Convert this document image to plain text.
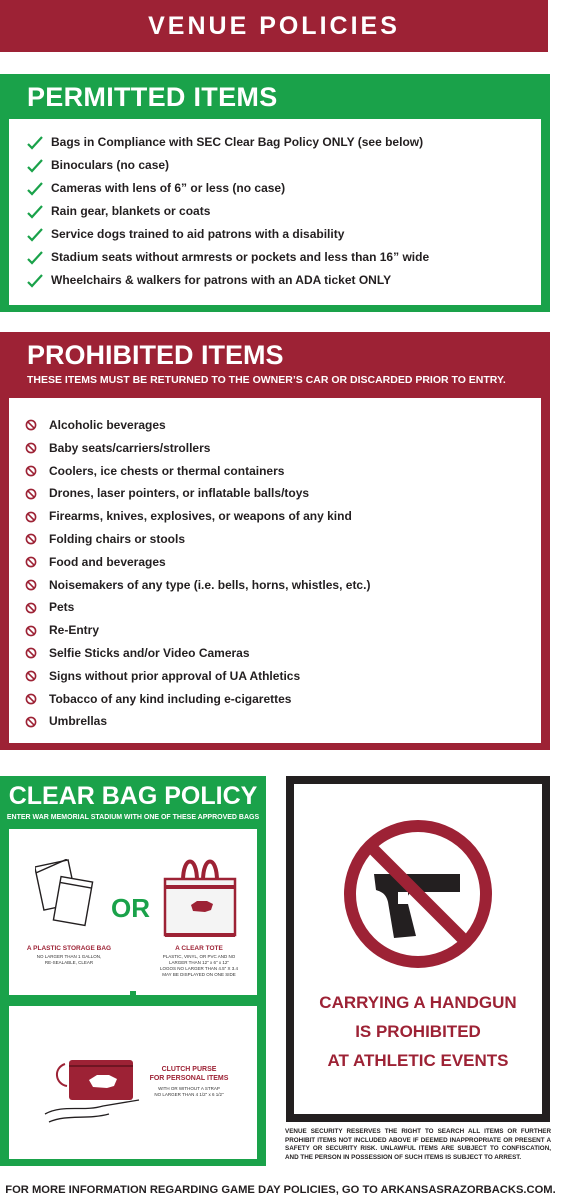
VENUE POLICIES
PERMITTED ITEMS
Bags in Compliance with SEC Clear Bag Policy ONLY (see below)
Binoculars (no case)
Cameras with lens of 6” or less (no case)
Rain gear, blankets or coats
Service dogs trained to aid patrons with a disability
Stadium seats without armrests or pockets and less than 16” wide
Wheelchairs & walkers for patrons with an ADA ticket ONLY
PROHIBITED ITEMS
THESE ITEMS MUST BE RETURNED TO THE OWNER’S CAR OR DISCARDED PRIOR TO ENTRY.
Alcoholic beverages
Baby seats/carriers/strollers
Coolers, ice chests or thermal containers
Drones, laser pointers, or inflatable balls/toys
Firearms, knives, explosives, or weapons of any kind
Folding chairs or stools
Food and beverages
Noisemakers of any type (i.e. bells, horns, whistles, etc.)
Pets
Re-Entry
Selfie Sticks and/or Video Cameras
Signs without prior approval of UA Athletics
Tobacco of any kind including e-cigarettes
Umbrellas
CLEAR BAG POLICY
ENTER WAR MEMORIAL STADIUM WITH ONE OF THESE APPROVED BAGS
A PLASTIC STORAGE BAG
NO LARGER THAN 1 GALLON,
RE-SEALABLE, CLEAR
A CLEAR TOTE
PLASTIC, VINYL, OR PVC AND NO
LARGER THAN 12" x 6" x 12"
LOGOS NO LARGER THAN 4.5" X 3.4
MAY BE DISPLAYED ON ONE SIDE
OR
CLUTCH PURSE
FOR PERSONAL ITEMS
WITH OR WITHOUT A STRAP
NO LARGER THAN 4 1/2" x 6 1/2"
CARRYING A HANDGUN
IS PROHIBITED
AT ATHLETIC EVENTS
VENUE SECURITY RESERVES THE RIGHT TO SEARCH ALL ITEMS OR FURTHER PROHIBIT ITEMS NOT INCLUDED ABOVE IF DEEMED INAPPROPRIATE OR PRESENT A SAFETY OR SECURITY RISK. UNLAWFUL ITEMS ARE SUBJECT TO CONFISCATION, AND THE PERSON IN POSSESSION OF SUCH ITEMS IS SUBJECT TO ARREST.
FOR MORE INFORMATION REGARDING GAME DAY POLICIES, GO TO ARKANSASRAZORBACKS.COM.
